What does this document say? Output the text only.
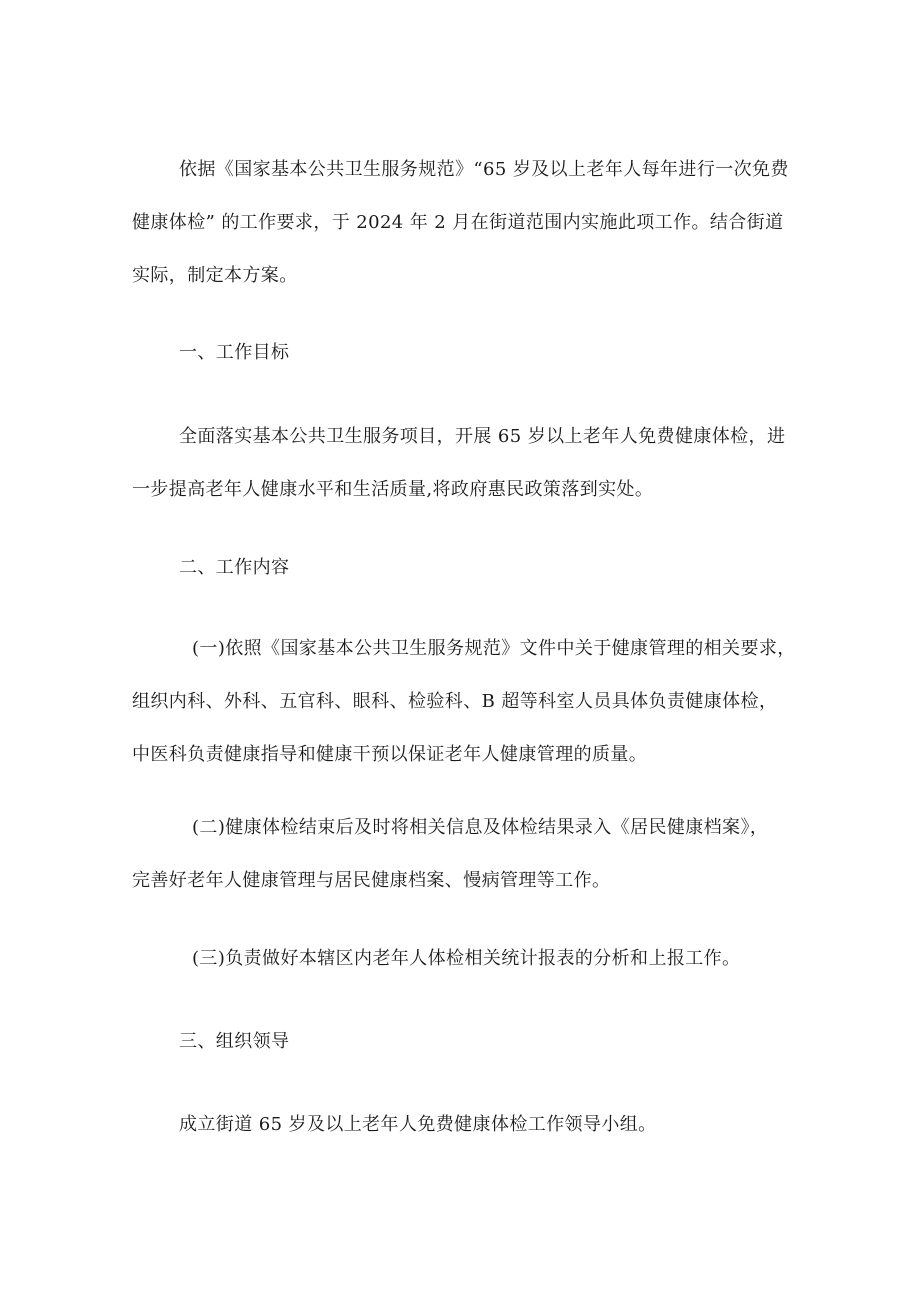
依据《国家基本公共卫生服务规范》“65 岁及以上老年人每年进行一次免费
健康体检” 的工作要求，于 2024 年 2 月在街道范围内实施此项工作。结合街道
实际，制定本方案。
一、工作目标
全面落实基本公共卫生服务项目，开展 65 岁以上老年人免费健康体检，进
一步提高老年人健康水平和生活质量,将政府惠民政策落到实处。
二、工作内容
(一)依照《国家基本公共卫生服务规范》文件中关于健康管理的相关要求，
组织内科、外科、五官科、眼科、检验科、B 超等科室人员具体负责健康体检，
中医科负责健康指导和健康干预以保证老年人健康管理的质量。
(二)健康体检结束后及时将相关信息及体检结果录入《居民健康档案》，
完善好老年人健康管理与居民健康档案、慢病管理等工作。
(三)负责做好本辖区内老年人体检相关统计报表的分析和上报工作。
三、组织领导
成立街道 65 岁及以上老年人免费健康体检工作领导小组。
